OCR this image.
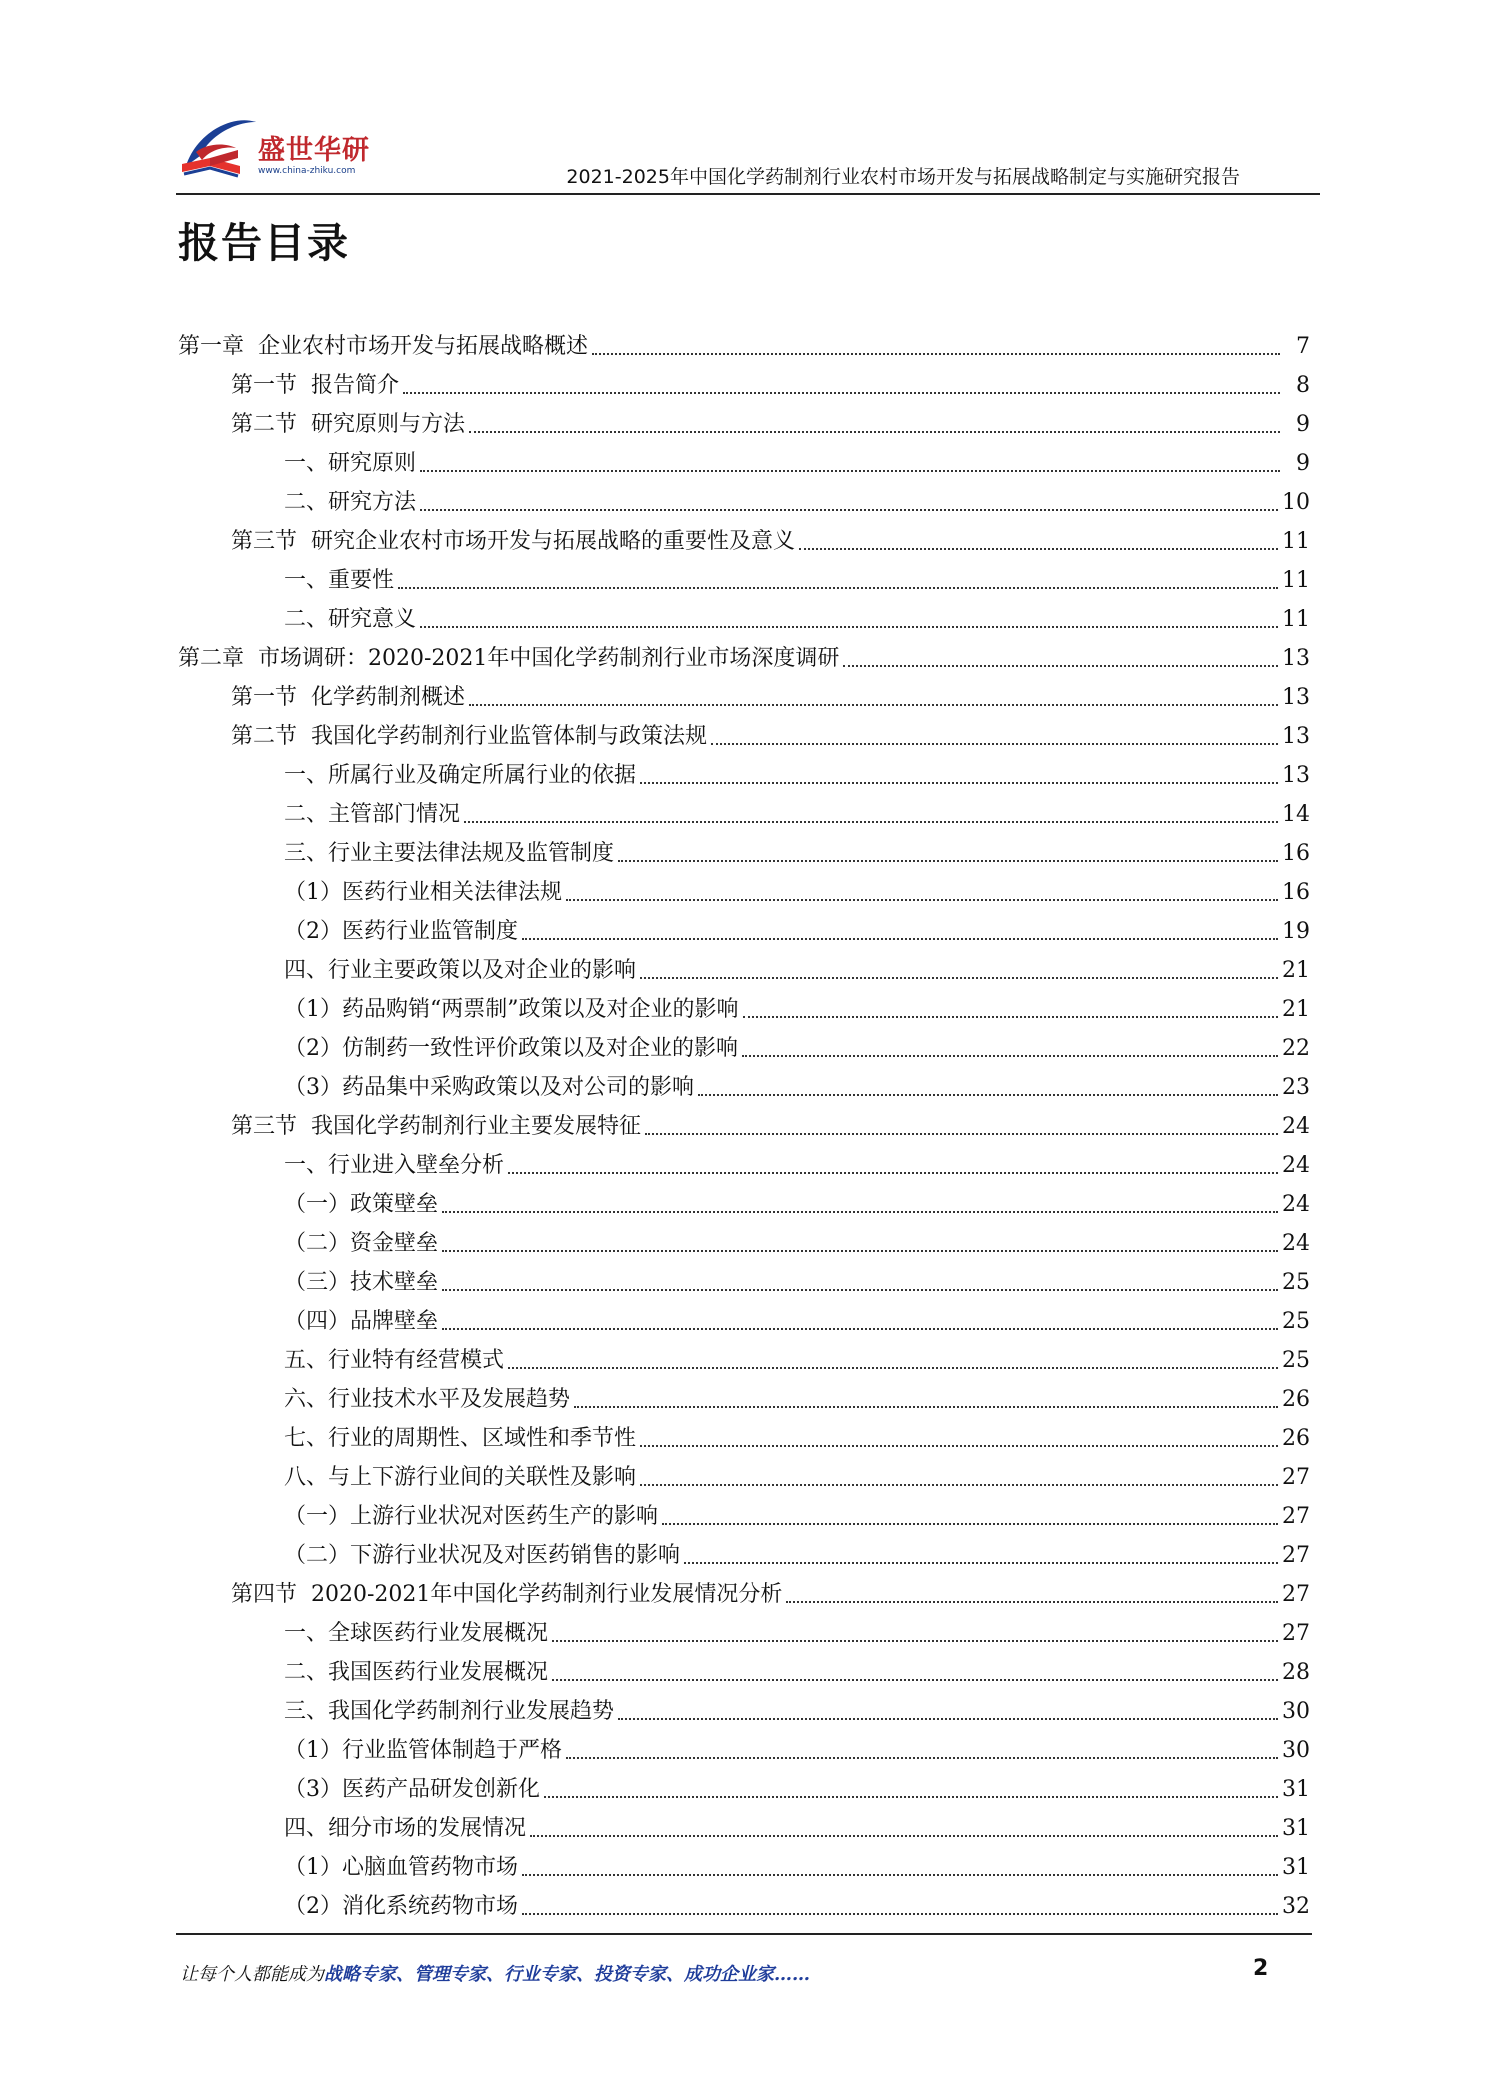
盛世华研
www.china-zhiku.com	2021-2025年中国化学药制剂行业农村市场开发与拓展战略制定与实施研究报告
报告目录
第一章  企业农村市场开发与拓展战略概述	7
第一节  报告简介	8
第二节  研究原则与方法	9
一、研究原则	9
二、研究方法	10
第三节  研究企业农村市场开发与拓展战略的重要性及意义	11
一、重要性	11
二、研究意义	11
第二章  市场调研：2020-2021年中国化学药制剂行业市场深度调研	13
第一节  化学药制剂概述	13
第二节  我国化学药制剂行业监管体制与政策法规	13
一、所属行业及确定所属行业的依据	13
二、主管部门情况	14
三、行业主要法律法规及监管制度	16
（1）医药行业相关法律法规	16
（2）医药行业监管制度	19
四、行业主要政策以及对企业的影响	21
（1）药品购销“两票制”政策以及对企业的影响	21
（2）仿制药一致性评价政策以及对企业的影响	22
（3）药品集中采购政策以及对公司的影响	23
第三节  我国化学药制剂行业主要发展特征	24
一、行业进入壁垒分析	24
（一）政策壁垒	24
（二）资金壁垒	24
（三）技术壁垒	25
（四）品牌壁垒	25
五、行业特有经营模式	25
六、行业技术水平及发展趋势	26
七、行业的周期性、区域性和季节性	26
八、与上下游行业间的关联性及影响	27
（一）上游行业状况对医药生产的影响	27
（二）下游行业状况及对医药销售的影响	27
第四节  2020-2021年中国化学药制剂行业发展情况分析	27
一、全球医药行业发展概况	27
二、我国医药行业发展概况	28
三、我国化学药制剂行业发展趋势	30
（1）行业监管体制趋于严格	30
（3）医药产品研发创新化	31
四、细分市场的发展情况	31
（1）心脑血管药物市场	31
（2）消化系统药物市场	32
让每个人都能成为战略专家、管理专家、行业专家、投资专家、成功企业家……	2
